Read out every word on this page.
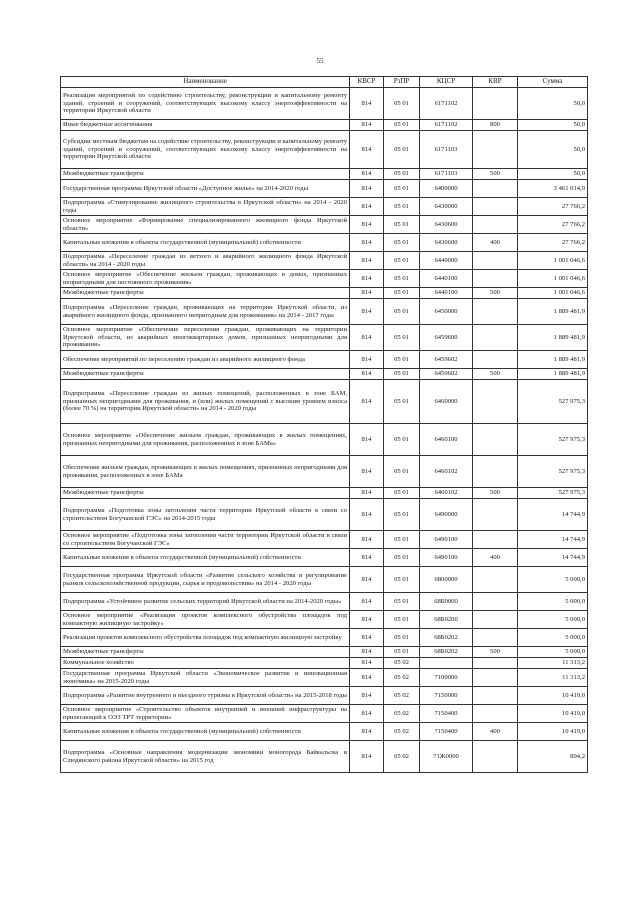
55
Наименование	КВСР	РзПР	КЦСР	КВР	Сумма
Реализация мероприятий по содействию строительству, реконструкции и капитальному ремонту зданий, строений и сооружений, соответствующих высокому классу энергоэффективности на территории Иркутской области	814	05 01	6171102		50,0
Иные бюджетные ассигнования	814	05 01	6171102	800	50,0
Субсидии местным бюджетам на содействие строительству, реконструкции и капитальному ремонту зданий, строений и сооружений, соответствующих высокому классу энергоэффективности на территории Иркутской области	814	05 01	6171103		50,0
Межбюджетные трансферты	814	05 01	6171103	500	50,0
Государственная программа Иркутской области «Доступное жилье» на 2014-2020 годы	814	05 01	6400000		3 461 014,9
Подпрограмма «Стимулирование жилищного строительства в Иркутской области» на 2014 - 2020 годы	814	05 01	6430000		27 766,2
Основное мероприятие «Формирование специализированного жилищного фонда Иркутской области»	814	05 01	6430600		27 766,2
Капитальные вложения в объекты государственной (муниципальной) собственности	814	05 01	6430600	400	27 766,2
Подпрограмма «Переселение граждан из ветхого и аварийного жилищного фонда Иркутской области» на 2014 - 2020 годы	814	05 01	6440000		1 001 046,6
Основное мероприятие «Обеспечение жильем граждан, проживающих в домах, признанных непригодными для постоянного проживания»	814	05 01	6440100		1 001 046,6
Межбюджетные трансферты	814	05 01	6440100	500	1 001 046,6
Подпрограмма «Переселение граждан, проживающих на территории Иркутской области, из аварийного жилищного фонда, признанного непригодным для проживания» на 2014 - 2017 годы	814	05 01	6450000		1 889 481,9
Основное мероприятие «Обеспечение переселения граждан, проживающих на территории Иркутской области, из аварийных многоквартирных домов, признанных непригодными для проживания»	814	05 01	6459600		1 889 481,9
Обеспечение мероприятий по переселению граждан из аварийного жилищного фонда	814	05 01	6459602		1 889 481,9
Межбюджетные трансферты	814	05 01	6459602	500	1 889 481,9
Подпрограмма «Переселение граждан из жилых помещений, расположенных в зоне БАМ, признанных непригодными для проживания, и (или) жилых помещений с высоким уровнем износа (более 70 %) на территории Иркутской области» на 2014 - 2020 годы	814	05 01	6460000		527 975,3
Основное мероприятие «Обеспечение жильем граждан, проживающих в жилых помещениях, признанных непригодными для проживания, расположенных в зоне БАМа»	814	05 01	6460100		527 975,3
Обеспечение жильем граждан, проживающих в жилых помещениях, признанных непригодными для проживания, расположенных в зоне БАМа	814	05 01	6460102		527 975,3
Межбюджетные трансферты	814	05 01	6460102	500	527 975,3
Подпрограмма «Подготовка зоны затопления части территории Иркутской области в связи со строительством Богучанской ГЭС» на 2014-2015 годы	814	05 01	6490000		14 744,9
Основное мероприятие «Подготовка зоны затопления части территории Иркутской области в связи со строительством Богучанской ГЭС»	814	05 01	6490100		14 744,9
Капитальные вложения в объекты государственной (муниципальной) собственности	814	05 01	6490100	400	14 744,9
Государственная программа Иркутской области «Развитие сельского хозяйства и регулирование рынков сельскохозяйственной продукции, сырья и продовольствия» на 2014 - 2020 годы	814	05 01	6800000		5 000,0
Подпрограмма «Устойчивое развитие сельских территорий Иркутской области на 2014-2020 годы»	814	05 01	68Б0000		5 000,0
Основное мероприятие «Реализация проектов комплексного обустройства площадок под компактную жилищную застройку»	814	05 01	68Б0200		5 000,0
Реализация проектов комплексного обустройства площадок под компактную жилищную застройку	814	05 01	68Б0202		5 000,0
Межбюджетные трансферты	814	05 01	68Б0202	500	5 000,0
Коммунальное хозяйство	814	05 02			11 313,2
Государственная программа Иркутской области «Экономическое развитие и инновационная экономика» на 2015-2020 годы	814	05 02	7100000		11 313,2
Подпрограмма «Развитие внутреннего и въездного туризма в Иркутской области» на 2015-2018 годы	814	05 02	7150000		10 419,0
Основное мероприятие «Строительство объектов внутренней и внешней инфраструктуры на прилегающей к ОЭЗ ТРТ территории»	814	05 02	7150400		10 419,0
Капитальные вложения в объекты государственной (муниципальной) собственности	814	05 02	7150400	400	10 419,0
Подпрограмма «Основные направления модернизации экономики моногорода Байкальска и Слюдянского района Иркутской области» на 2015 год	814	05 02	71Ж0000		894,2
